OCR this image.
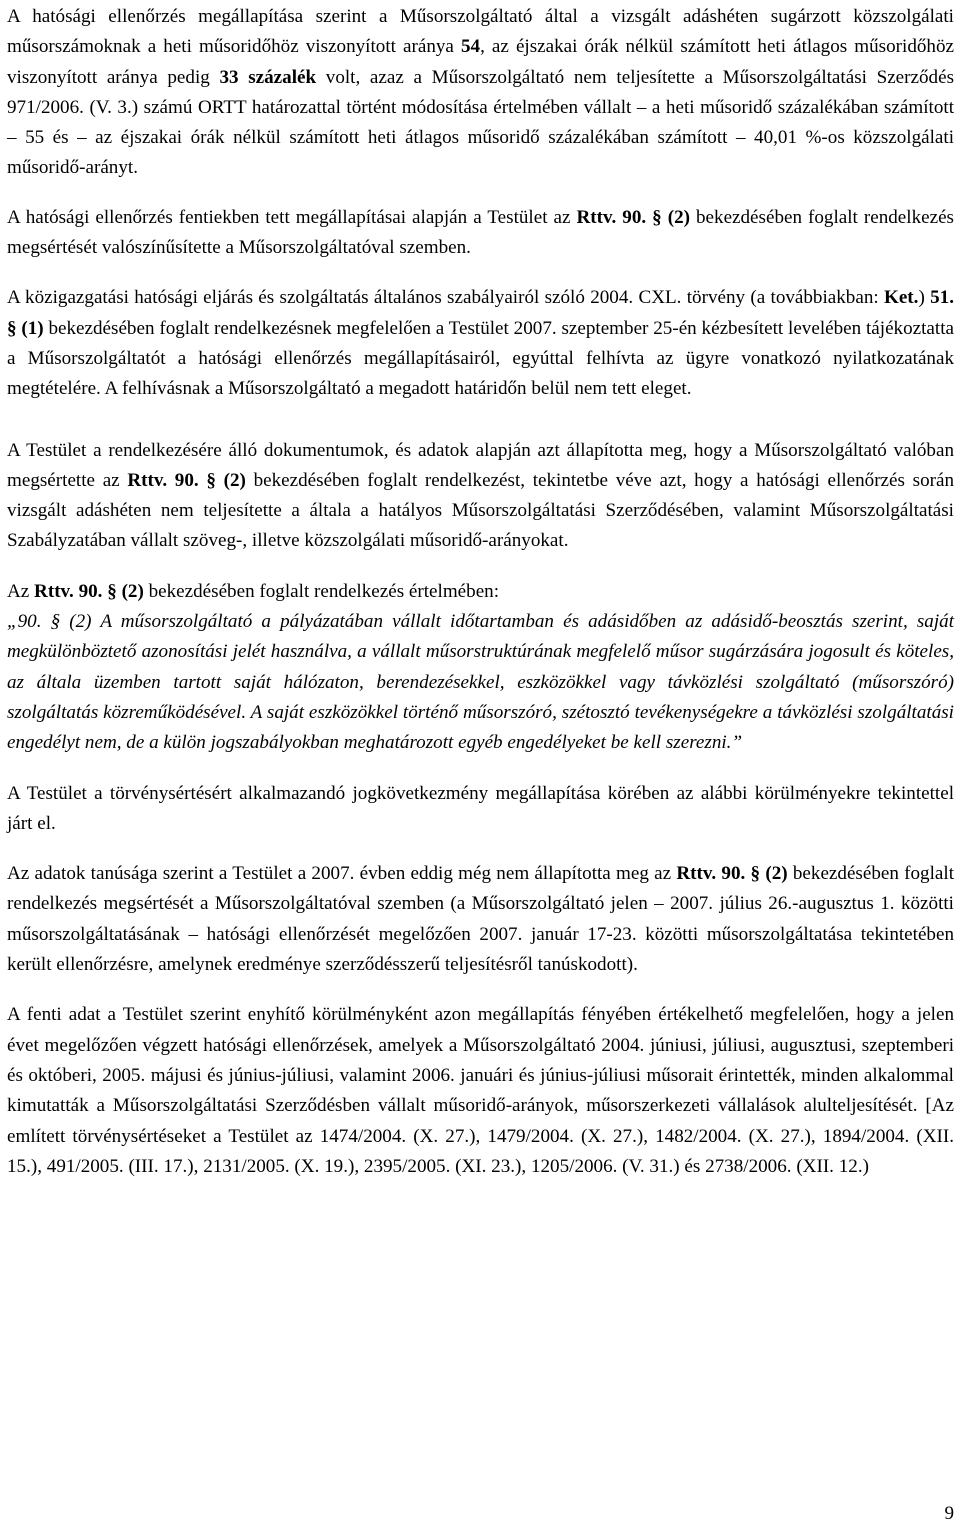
A hatósági ellenőrzés megállapítása szerint a Műsorszolgáltató által a vizsgált adáshéten sugárzott közszolgálati műsorszámoknak a heti műsoridőhöz viszonyított aránya 54, az éjszakai órák nélkül számított heti átlagos műsoridőhöz viszonyított aránya pedig 33 százalék volt, azaz a Műsorszolgáltató nem teljesítette a Műsorszolgáltatási Szerződés 971/2006. (V. 3.) számú ORTT határozattal történt módosítása értelmében vállalt – a heti műsoridő százalékában számított – 55 és – az éjszakai órák nélkül számított heti átlagos műsoridő százalékában számított – 40,01 %-os közszolgálati műsoridő-arányt.

A hatósági ellenőrzés fentiekben tett megállapításai alapján a Testület az Rttv. 90. § (2) bekezdésében foglalt rendelkezés megsértését valószínűsítette a Műsorszolgáltatóval szemben.

A közigazgatási hatósági eljárás és szolgáltatás általános szabályairól szóló 2004. CXL. törvény (a továbbiakban: Ket.) 51. § (1) bekezdésében foglalt rendelkezésnek megfelelően a Testület 2007. szeptember 25-én kézbesített levelében tájékoztatta a Műsorszolgáltatót a hatósági ellenőrzés megállapításairól, egyúttal felhívta az ügyre vonatkozó nyilatkozatának megtételére. A felhívásnak a Műsorszolgáltató a megadott határidőn belül nem tett eleget.

A Testület a rendelkezésére álló dokumentumok, és adatok alapján azt állapította meg, hogy a Műsorszolgáltató valóban megsértette az Rttv. 90. § (2) bekezdésében foglalt rendelkezést, tekintetbe véve azt, hogy a hatósági ellenőrzés során vizsgált adáshéten nem teljesítette a általa a hatályos Műsorszolgáltatási Szerződésében, valamint Műsorszolgáltatási Szabályzatában vállalt szöveg-, illetve közszolgálati műsoridő-arányokat.

Az Rttv. 90. § (2) bekezdésében foglalt rendelkezés értelmében:

„90. § (2) A műsorszolgáltató a pályázatában vállalt időtartamban és adásidőben az adásidő-beosztás szerint, saját megkülönböztető azonosítási jelét használva, a vállalt műsorstruktúrának megfelelő műsor sugárzására jogosult és köteles, az általa üzemben tartott saját hálózaton, berendezésekkel, eszközökkel vagy távközlési szolgáltató (műsorszóró) szolgáltatás közreműködésével. A saját eszközökkel történő műsorszóró, szétosztó tevékenységekre a távközlési szolgáltatási engedélyt nem, de a külön jogszabályokban meghatározott egyéb engedélyeket be kell szerezni.”

A Testület a törvénysértésért alkalmazandó jogkövetkezmény megállapítása körében az alábbi körülményekre tekintettel járt el.

Az adatok tanúsága szerint a Testület a 2007. évben eddig még nem állapította meg az Rttv. 90. § (2) bekezdésében foglalt rendelkezés megsértését a Műsorszolgáltatóval szemben (a Műsorszolgáltató jelen – 2007. július 26.-augusztus 1. közötti műsorszolgáltatásának – hatósági ellenőrzését megelőzően 2007. január 17-23. közötti műsorszolgáltatása tekintetében került ellenőrzésre, amelynek eredménye szerződésszerű teljesítésről tanúskodott).

A fenti adat a Testület szerint enyhítő körülményként azon megállapítás fényében értékelhető megfelelően, hogy a jelen évet megelőzően végzett hatósági ellenőrzések, amelyek a Műsorszolgáltató 2004. júniusi, júliusi, augusztusi, szeptemberi és októberi, 2005. májusi és június-júliusi, valamint 2006. januári és június-júliusi műsorait érintették, minden alkalommal kimutatták a Műsorszolgáltatási Szerződésben vállalt műsoridő-arányok, műsorszerkezeti vállalások alulteljesítését. [Az említett törvénysértéseket a Testület az 1474/2004. (X. 27.), 1479/2004. (X. 27.), 1482/2004. (X. 27.), 1894/2004. (XII. 15.), 491/2005. (III. 17.), 2131/2005. (X. 19.), 2395/2005. (XI. 23.), 1205/2006. (V. 31.) és 2738/2006. (XII. 12.)

9
